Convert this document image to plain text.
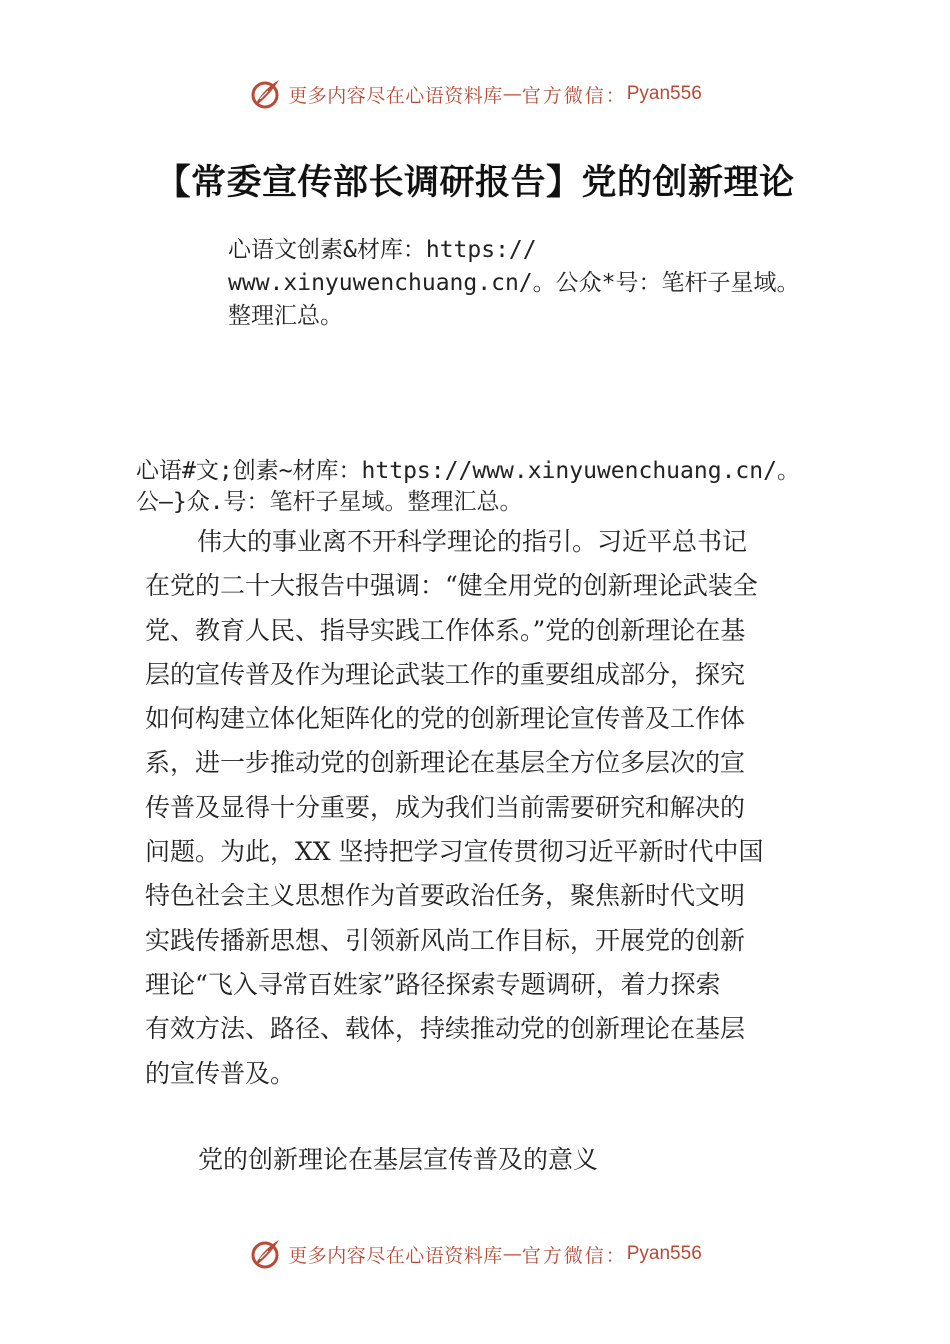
更多内容尽在心语资料库 — 官方微信： Pyan556
【常委宣传部长调研报告】党的创新理论
心语文创素&材库：https://
www.xinyuwenchuang.cn/。公众*号：笔杆子星域。
整理汇总。
心语#文;创素~材库：https://www.xinyuwenchuang.cn/。
公—}众.号：笔杆子星域。整理汇总。
伟大的事业离不开科学理论的指引。习近平总书记
在党的二十大报告中强调：“健全用党的创新理论武装全
党、教育人民、指导实践工作体系。”党的创新理论在基
层的宣传普及作为理论武装工作的重要组成部分，探究
如何构建立体化矩阵化的党的创新理论宣传普及工作体
系，进一步推动党的创新理论在基层全方位多层次的宣
传普及显得十分重要，成为我们当前需要研究和解决的
问题。为此，XX 坚持把学习宣传贯彻习近平新时代中国
特色社会主义思想作为首要政治任务，聚焦新时代文明
实践传播新思想、引领新风尚工作目标，开展党的创新
理论“飞入寻常百姓家”路径探索专题调研，着力探索
有效方法、路径、载体，持续推动党的创新理论在基层
的宣传普及。
党的创新理论在基层宣传普及的意义
更多内容尽在心语资料库 — 官方微信： Pyan556
